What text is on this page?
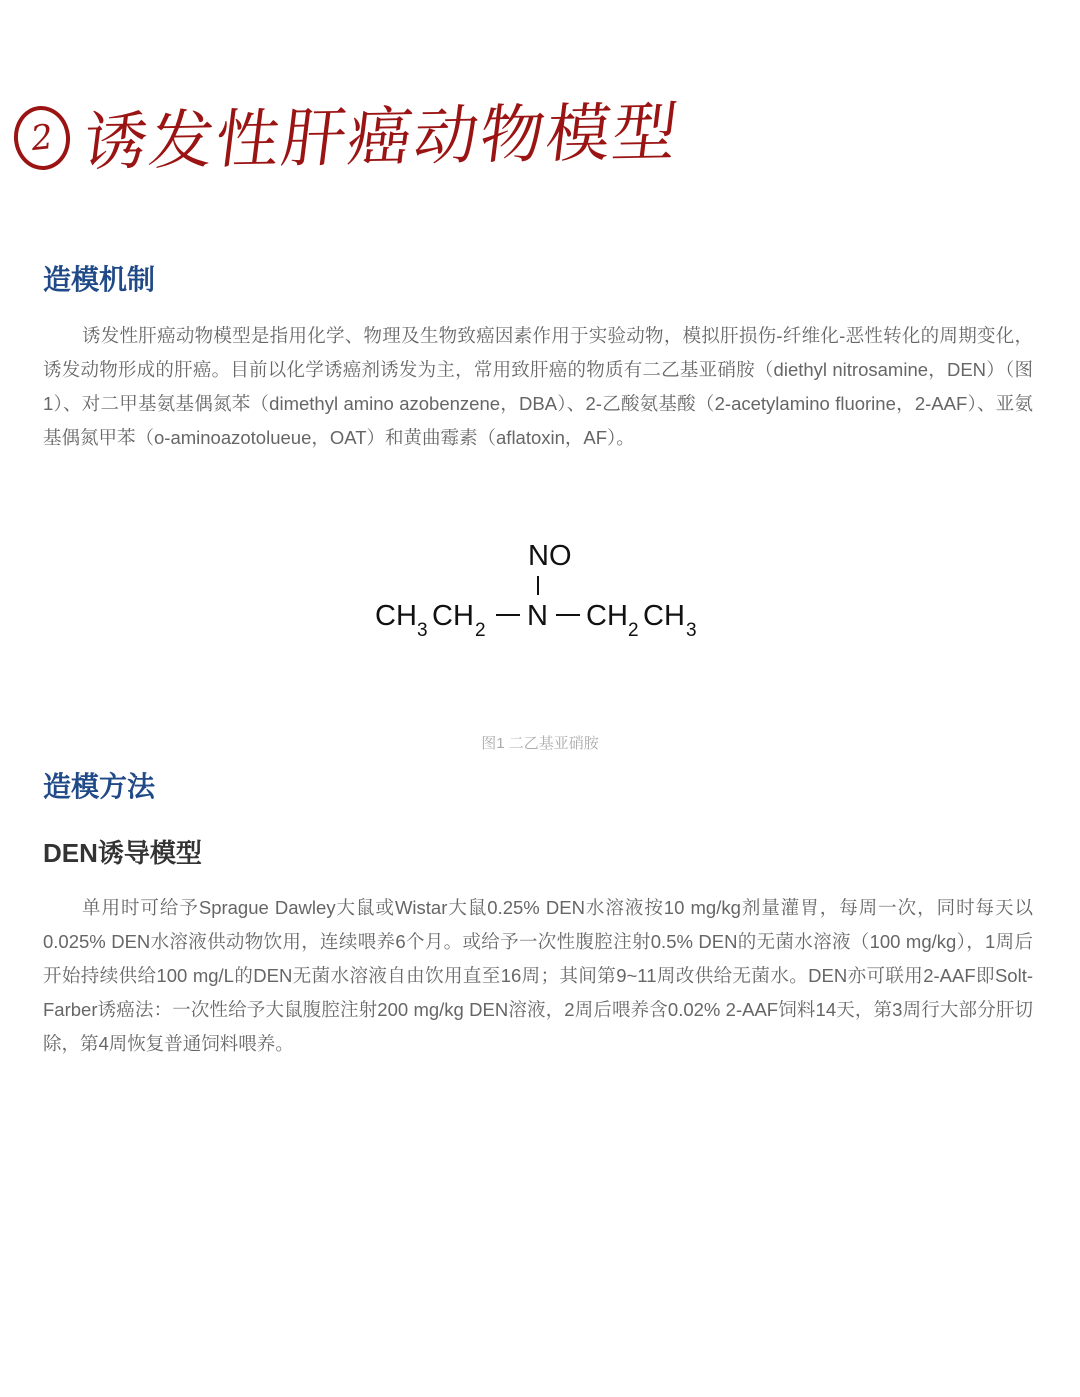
2 诱发性肝癌动物模型
造模机制

诱发性肝癌动物模型是指用化学、物理及生物致癌因素作用于实验动物，模拟肝损伤-纤维化-恶性转化的周期变化，诱发动物形成的肝癌。目前以化学诱癌剂诱发为主，常用致肝癌的物质有二乙基亚硝胺（diethyl nitrosamine，DEN）（图1）、对二甲基氨基偶氮苯（dimethyl amino azobenzene，DBA）、2-乙酸氨基酸（2-acetylamino fluorine，2-AAF）、亚氨基偶氮甲苯（o-aminoazotolueue，OAT）和黄曲霉素（aflatoxin，AF）。

NO
CH 3 CH 2 N CH 2 CH 3
图1 二乙基亚硝胺
造模方法
DEN诱导模型

单用时可给予Sprague Dawley大鼠或Wistar大鼠0.25% DEN水溶液按10 mg/kg剂量灌胃，每周一次，同时每天以0.025% DEN水溶液供动物饮用，连续喂养6个月。或给予一次性腹腔注射0.5% DEN的无菌水溶液（100 mg/kg），1周后开始持续供给100 mg/L的DEN无菌水溶液自由饮用直至16周；其间第9~11周改供给无菌水。DEN亦可联用2-AAF即Solt-Farber诱癌法：一次性给予大鼠腹腔注射200 mg/kg DEN溶液，2周后喂养含0.02% 2-AAF饲料14天，第3周行大部分肝切除，第4周恢复普通饲料喂养。
